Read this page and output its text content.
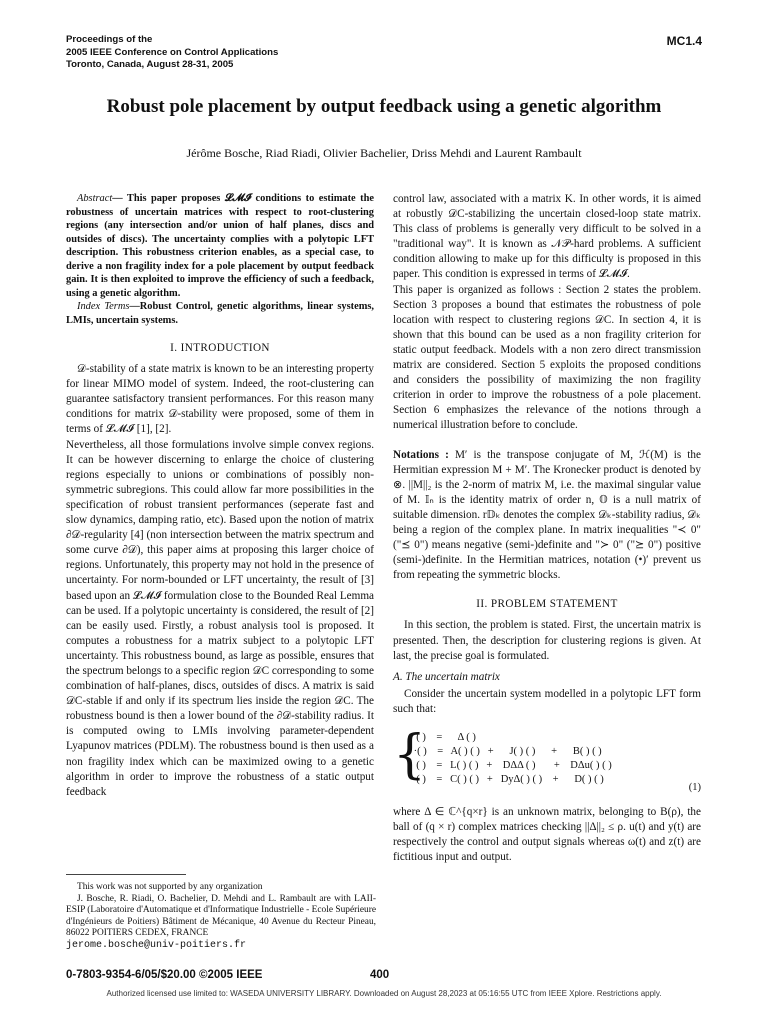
Proceedings of the
2005 IEEE Conference on Control Applications
Toronto, Canada, August 28-31, 2005
MC1.4
Robust pole placement by output feedback using a genetic algorithm
Jérôme Bosche, Riad Riadi, Olivier Bachelier, Driss Mehdi and Laurent Rambault
Abstract— This paper proposes 𝓛𝓜𝓘 conditions to estimate the robustness of uncertain matrices with respect to root-clustering regions (any intersection and/or union of half planes, discs and outsides of discs). The uncertainty complies with a polytopic LFT description. This robustness criterion enables, as a special case, to derive a non fragility index for a pole placement by output feedback gain. It is then exploited to improve the efficiency of such a feedback, using a genetic algorithm.
Index Terms—Robust Control, genetic algorithms, linear systems, LMIs, uncertain systems.
I. INTRODUCTION

𝒟-stability of a state matrix is known to be an interesting property for linear MIMO model of system. Indeed, the root-clustering can guarantee satisfactory transient performances. For this reason many conditions for matrix 𝒟-stability were proposed, some of them in terms of 𝓛𝓜𝓘 [1], [2].

Nevertheless, all those formulations involve simple convex regions. It can be however discerning to enlarge the choice of clustering regions especially to unions or combinations of possibly non-symmetric subregions. This could allow far more possibilities in the specification of robust transient performances (seperate fast and slow dynamics, damping ratio, etc). Based upon the notion of matrix ∂𝒟-regularity [4] (non intersection between the matrix spectrum and some curve ∂𝒟), this paper aims at proposing this larger choice of regions. Unfortunately, this property may not hold in the presence of uncertainty. For norm-bounded or LFT uncertainty, the result of [3] based upon an 𝓛𝓜𝓘 formulation close to the Bounded Real Lemma can be used. If a polytopic uncertainty is considered, the result of [2] can be easily used. Firstly, a robust analysis tool is proposed. It computes a robustness for a matrix subject to a polytopic LFT uncertainty. This robustness bound, as large as possible, ensures that the spectrum belongs to a specific region 𝒟C corresponding to some combination of half-planes, discs, outsides of discs. A matrix is said 𝒟C-stable if and only if its spectrum lies inside the region 𝒟C. The robustness bound is then a lower bound of the ∂𝒟-stability radius. It is computed owing to LMIs involving parameter-dependent Lyapunov matrices (PDLM). The robustness bound is then used as a non fragility index which can be maximized owing to a genetic algorithm in order to improve the robustness of a static output feedback

This work was not supported by any organization
J. Bosche, R. Riadi, O. Bachelier, D. Mehdi and L. Rambault are with LAII-ESIP (Laboratoire d'Automatique et d'Informatique Industrielle - Ecole Supérieure d'Ingénieurs de Poitiers) Bâtiment de Mécanique, 40 Avenue du Recteur Pineau, 86022 POITIERS CEDEX, FRANCE
jerome.bosche@univ-poitiers.fr

control law, associated with a matrix K. In other words, it is aimed at robustly 𝒟C-stabilizing the uncertain closed-loop state matrix. This class of problems is generally very difficult to be solved in a "traditional way". It is known as 𝒩𝒫-hard problems. A sufficient condition allowing to make up for this difficulty is proposed in this paper. This condition is expressed in terms of 𝓛𝓜𝓘.

This paper is organized as follows : Section 2 states the problem. Section 3 proposes a bound that estimates the robustness of pole location with respect to clustering regions 𝒟C. In section 4, it is shown that this bound can be used as a non fragility criterion for static output feedback. Models with a non zero direct transmission matrix are considered. Section 5 exploits the proposed conditions and considers the possibility of maximizing the non fragility criterion in order to improve the robustness of a pole placement. Section 6 emphasizes the relevance of the notions through a numerical illustration before to conclude.

Notations : M′ is the transpose conjugate of M, ℋ(M) is the Hermitian expression M + M′. The Kronecker product is denoted by ⊗. ||M||₂ is the 2-norm of matrix M, i.e. the maximal singular value of M. 𝕀ₙ is the identity matrix of order n, 𝕆 is a null matrix of suitable dimension. r𝔻ₖ denotes the complex 𝒟ₖ-stability radius, 𝒟ₖ being a region of the complex plane. In matrix inequalities "≺ 0" ("⪯ 0") means negative (semi-)definite and "≻ 0" ("⪰ 0") positive (semi-)definite. In the Hermitian matrices, notation (•)′ prevent us from repeating the symmetric blocks.

II. PROBLEM STATEMENT

In this section, the problem is stated. First, the uncertain matrix is presented. Then, the description for clustering regions is given. At last, the precise goal is formulated.

A. The uncertain matrix

Consider the uncertain system modelled in a polytopic LFT form such that:

{
( )    =      Δ ( )
·( )    =   A( ) ( )   +      J( ) ( )      +      B( ) ( )
( )    =   L( ) ( )   +    DΔΔ ( )       +    DΔu( ) ( )
( )    =   C( ) ( )   +   DyΔ( ) ( )    +      D( ) ( )
(1)

where Δ ∈ ℂ^{q×r} is an unknown matrix, belonging to B(ρ), the ball of (q × r) complex matrices checking ||Δ||₂ ≤ ρ. u(t) and y(t) are respectively the control and output signals whereas ω(t) and z(t) are fictitious input and output.

0-7803-9354-6/05/$20.00 ©2005 IEEE	400
Authorized licensed use limited to: WASEDA UNIVERSITY LIBRARY. Downloaded on August 28,2023 at 05:16:55 UTC from IEEE Xplore. Restrictions apply.
